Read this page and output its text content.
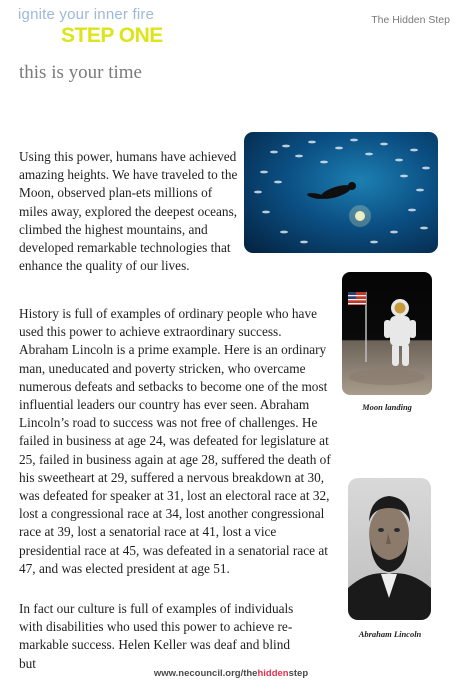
ignite your inner fire
STEP ONE
The Hidden Step
this is your time
Using this power, humans have achieved amazing heights. We have traveled to the Moon, observed plan-ets millions of miles away, explored the deepest oceans, climbed the highest mountains, and developed remarkable technologies that enhance the quality of our lives.
History is full of examples of ordinary people who have used this power to achieve extraordinary success. Abraham Lincoln is a prime example. Here is an ordinary man, uneducated and poverty stricken, who overcame numerous defeats and setbacks to become one of the most influential leaders our country has ever seen. Abraham Lincoln’s road to success was not free of challenges. He failed in business at age 24, was defeated for legislature at 25, failed in business again at age 28, suffered the death of his sweetheart at 29, suffered a nervous breakdown at 30, was defeated for speaker at 31, lost an electoral race at 32, lost a congressional race at 34, lost another congressional race at 39, lost a senatorial race at 41, lost a vice presidential race at 45, was defeated in a senatorial race at 47, and was elected president at age 51.
In fact our culture is full of examples of individuals with disabilities who used this power to achieve re-markable success. Helen Keller was deaf and blind but
Moon landing
Abraham Lincoln
www.necouncil.org/thehiddenstep
